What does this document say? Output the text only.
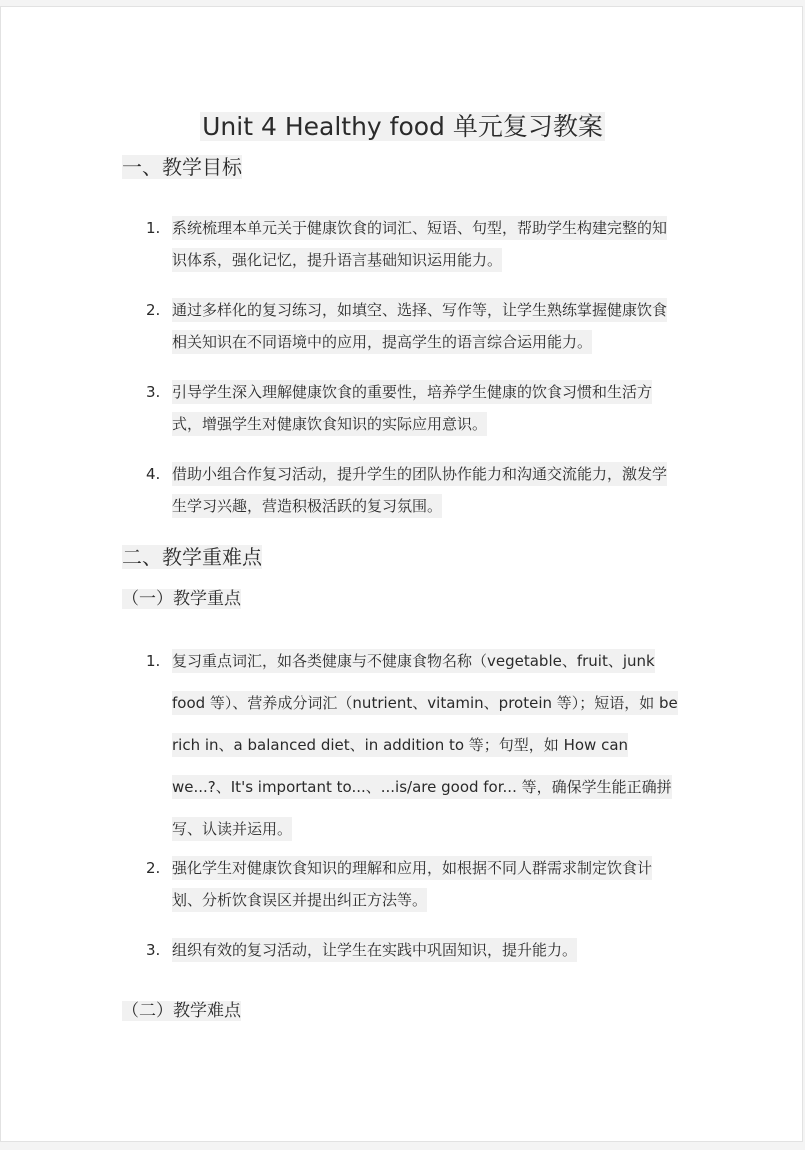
Unit 4 Healthy food 单元复习教案
一、教学目标
1. 系统梳理本单元关于健康饮食的词汇、短语、句型，帮助学生构建完整的知识体系，强化记忆，提升语言基础知识运用能力。
2. 通过多样化的复习练习，如填空、选择、写作等，让学生熟练掌握健康饮食相关知识在不同语境中的应用，提高学生的语言综合运用能力。
3. 引导学生深入理解健康饮食的重要性，培养学生健康的饮食习惯和生活方式，增强学生对健康饮食知识的实际应用意识。
4. 借助小组合作复习活动，提升学生的团队协作能力和沟通交流能力，激发学生学习兴趣，营造积极活跃的复习氛围。
二、教学重难点
（一）教学重点
1. 复习重点词汇，如各类健康与不健康食物名称（vegetable、fruit、junk food 等）、营养成分词汇（nutrient、vitamin、protein 等）；短语，如 be rich in、a balanced diet、in addition to 等；句型，如 How can we...?、It's important to...、...is/are good for... 等，确保学生能正确拼写、认读并运用。
2. 强化学生对健康饮食知识的理解和应用，如根据不同人群需求制定饮食计划、分析饮食误区并提出纠正方法等。
3. 组织有效的复习活动，让学生在实践中巩固知识，提升能力。
（二）教学难点
